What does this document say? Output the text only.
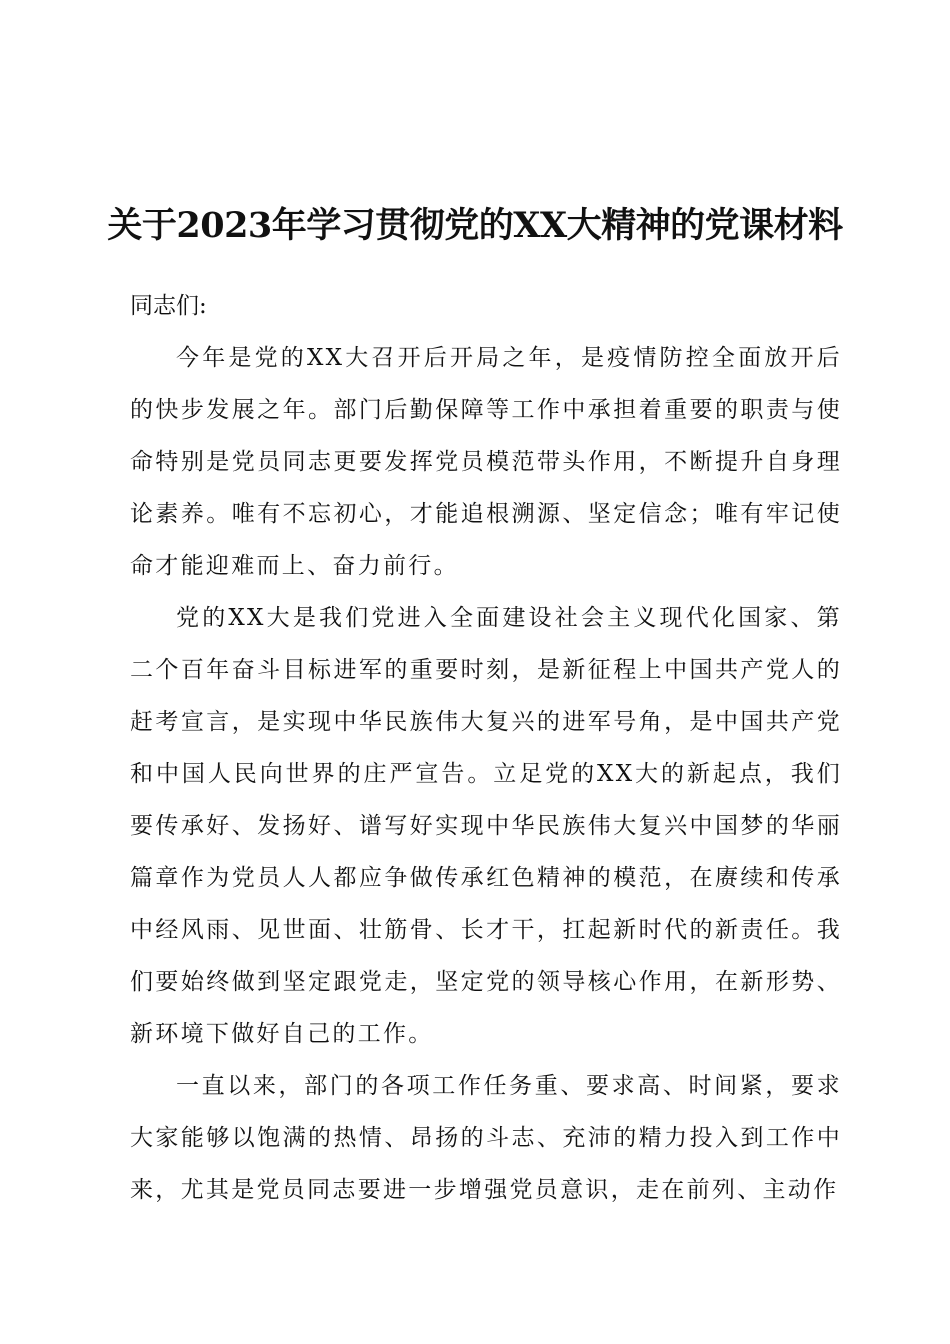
关于2023年学习贯彻党的XX大精神的党课材料

同志们:

今年是党的XX大召开后开局之年，是疫情防控全面放开后的快步发展之年。部门后勤保障等工作中承担着重要的职责与使命特别是党员同志更要发挥党员模范带头作用，不断提升自身理论素养。唯有不忘初心，才能追根溯源、坚定信念；唯有牢记使命才能迎难而上、奋力前行。

党的XX大是我们党进入全面建设社会主义现代化国家、第二个百年奋斗目标进军的重要时刻，是新征程上中国共产党人的赶考宣言，是实现中华民族伟大复兴的进军号角，是中国共产党和中国人民向世界的庄严宣告。立足党的XX大的新起点，我们要传承好、发扬好、谱写好实现中华民族伟大复兴中国梦的华丽篇章作为党员人人都应争做传承红色精神的模范，在赓续和传承中经风雨、见世面、壮筋骨、长才干，扛起新时代的新责任。我们要始终做到坚定跟党走，坚定党的领导核心作用，在新形势、新环境下做好自己的工作。

一直以来，部门的各项工作任务重、要求高、时间紧，要求大家能够以饱满的热情、昂扬的斗志、充沛的精力投入到工作中来，尤其是党员同志要进一步增强党员意识，走在前列、主动作
